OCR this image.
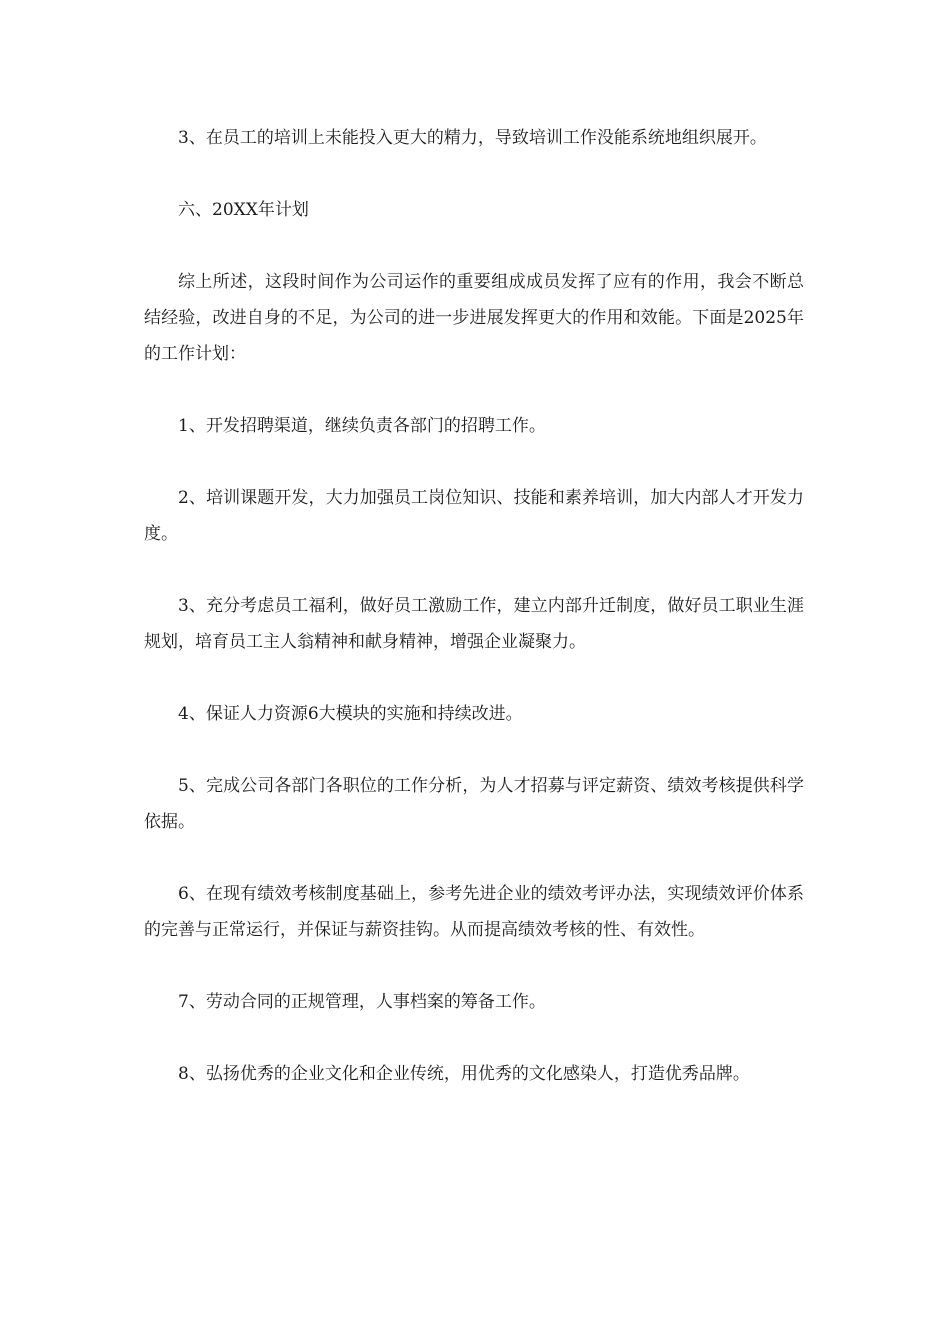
3、在员工的培训上未能投入更大的精力，导致培训工作没能系统地组织展开。

六、20XX年计划

综上所述，这段时间作为公司运作的重要组成成员发挥了应有的作用，我会不断总结经验，改进自身的不足，为公司的进一步进展发挥更大的作用和效能。下面是2025年的工作计划：

1、开发招聘渠道，继续负责各部门的招聘工作。

2、培训课题开发，大力加强员工岗位知识、技能和素养培训，加大内部人才开发力度。

3、充分考虑员工福利，做好员工激励工作，建立内部升迁制度，做好员工职业生涯规划，培育员工主人翁精神和献身精神，增强企业凝聚力。

4、保证人力资源6大模块的实施和持续改进。

5、完成公司各部门各职位的工作分析，为人才招募与评定薪资、绩效考核提供科学依据。

6、在现有绩效考核制度基础上，参考先进企业的绩效考评办法，实现绩效评价体系的完善与正常运行，并保证与薪资挂钩。从而提高绩效考核的性、有效性。

7、劳动合同的正规管理，人事档案的筹备工作。

8、弘扬优秀的企业文化和企业传统，用优秀的文化感染人，打造优秀品牌。
